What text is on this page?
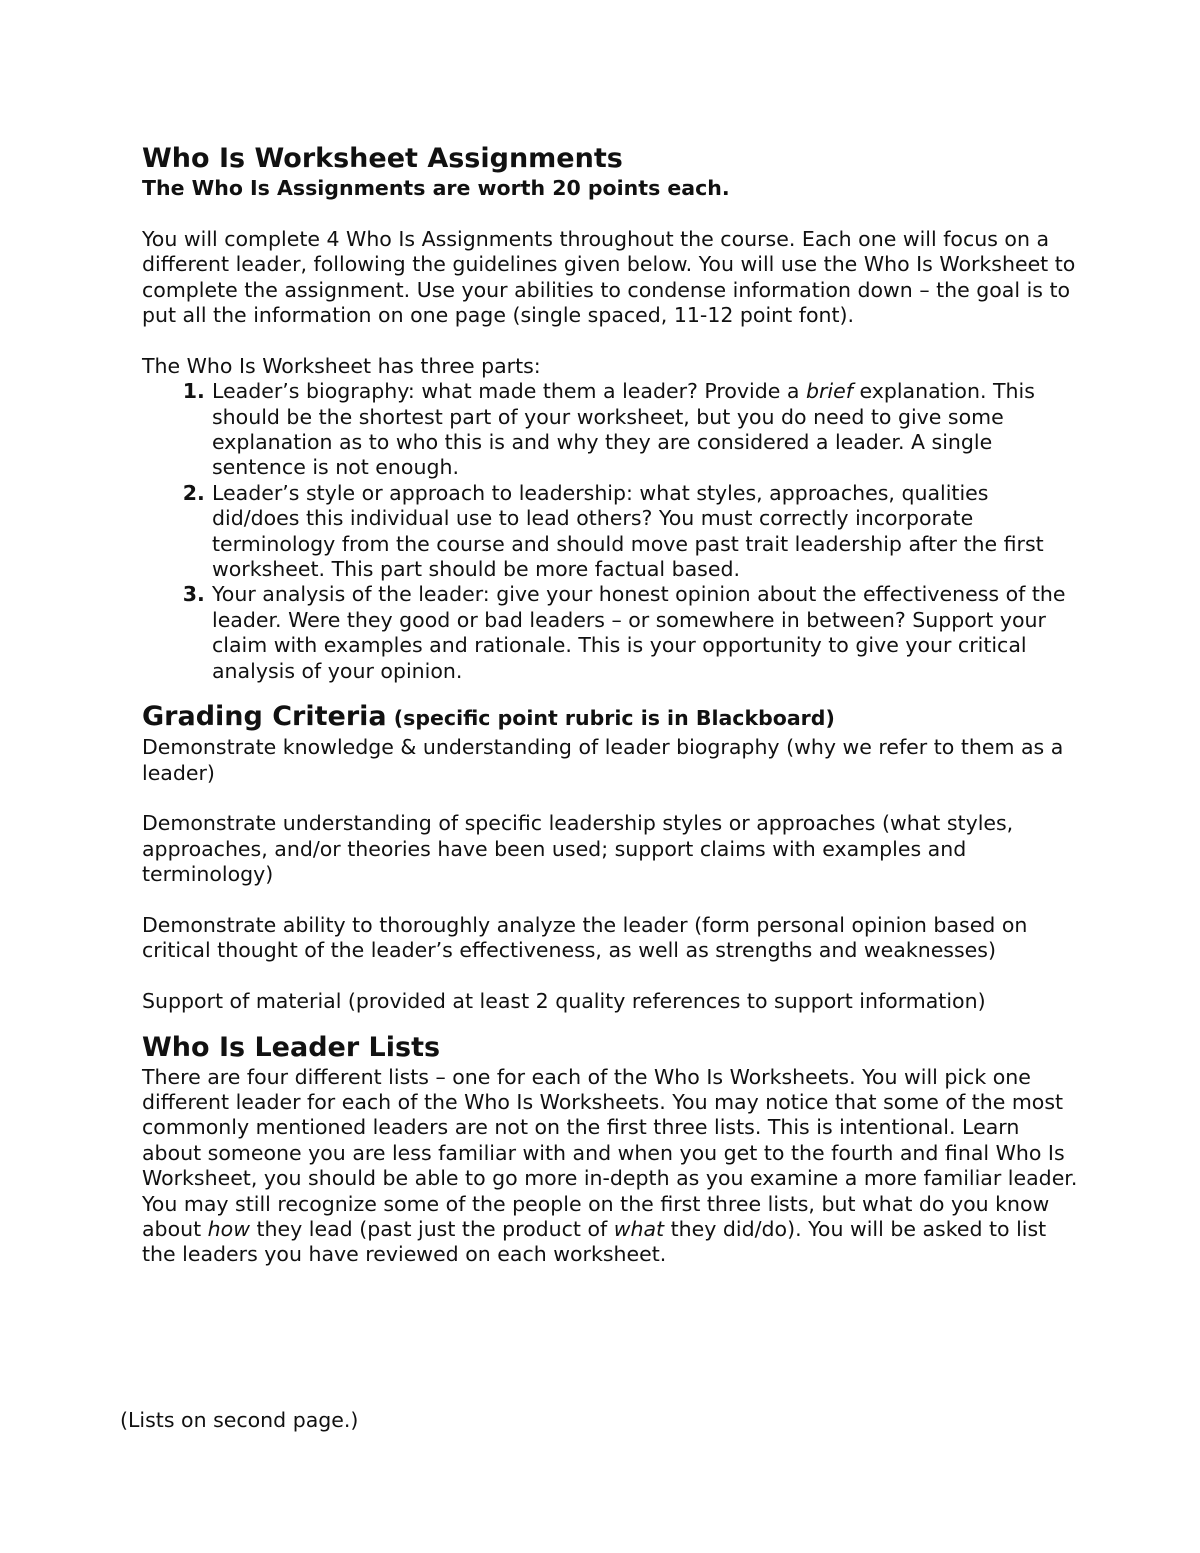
Who Is Worksheet Assignments

The Who Is Assignments are worth 20 points each.

You will complete 4 Who Is Assignments throughout the course. Each one will focus on a different leader, following the guidelines given below. You will use the Who Is Worksheet to complete the assignment. Use your abilities to condense information down – the goal is to put all the information on one page (single spaced, 11-12 point font).

The Who Is Worksheet has three parts:

1. Leader’s biography: what made them a leader? Provide a brief explanation. This should be the shortest part of your worksheet, but you do need to give some explanation as to who this is and why they are considered a leader. A single sentence is not enough.
2. Leader’s style or approach to leadership: what styles, approaches, qualities did/does this individual use to lead others? You must correctly incorporate terminology from the course and should move past trait leadership after the first worksheet. This part should be more factual based.
3. Your analysis of the leader: give your honest opinion about the effectiveness of the leader. Were they good or bad leaders – or somewhere in between? Support your claim with examples and rationale. This is your opportunity to give your critical analysis of your opinion.
Grading Criteria (specific point rubric is in Blackboard)

Demonstrate knowledge & understanding of leader biography (why we refer to them as a leader)

Demonstrate understanding of specific leadership styles or approaches (what styles, approaches, and/or theories have been used; support claims with examples and terminology)

Demonstrate ability to thoroughly analyze the leader (form personal opinion based on critical thought of the leader’s effectiveness, as well as strengths and weaknesses)

Support of material (provided at least 2 quality references to support information)

Who Is Leader Lists

There are four different lists – one for each of the Who Is Worksheets. You will pick one different leader for each of the Who Is Worksheets. You may notice that some of the most commonly mentioned leaders are not on the first three lists. This is intentional. Learn about someone you are less familiar with and when you get to the fourth and final Who Is Worksheet, you should be able to go more in-depth as you examine a more familiar leader. You may still recognize some of the people on the first three lists, but what do you know about how they lead (past just the product of what they did/do). You will be asked to list the leaders you have reviewed on each worksheet.

(Lists on second page.)
